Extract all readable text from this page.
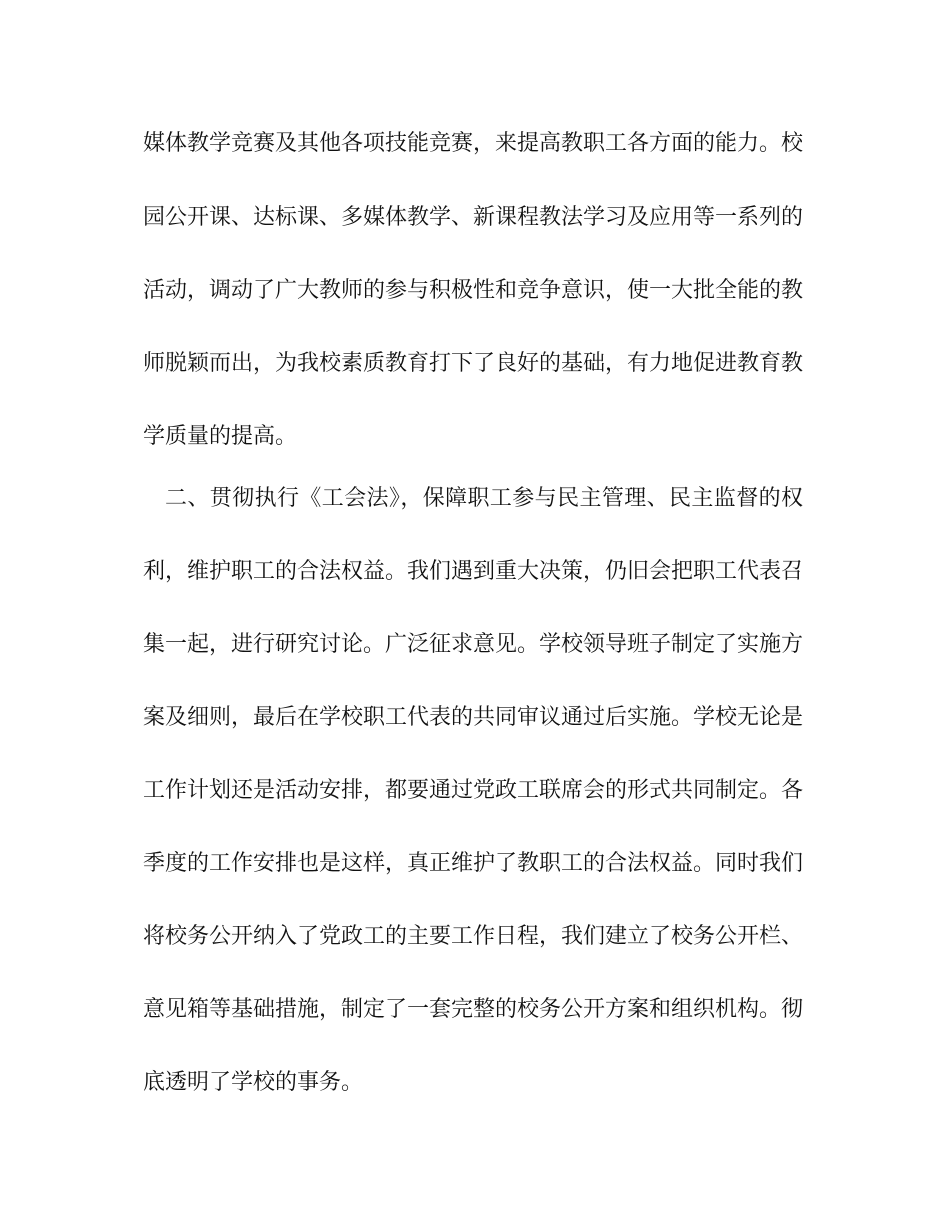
媒体教学竞赛及其他各项技能竞赛，来提高教职工各方面的能力。校
园公开课、达标课、多媒体教学、新课程教法学习及应用等一系列的
活动，调动了广大教师的参与积极性和竞争意识，使一大批全能的教
师脱颖而出，为我校素质教育打下了良好的基础，有力地促进教育教
学质量的提高。
二、贯彻执行《工会法》，保障职工参与民主管理、民主监督的权
利，维护职工的合法权益。我们遇到重大决策，仍旧会把职工代表召
集一起，进行研究讨论。广泛征求意见。学校领导班子制定了实施方
案及细则，最后在学校职工代表的共同审议通过后实施。学校无论是
工作计划还是活动安排，都要通过党政工联席会的形式共同制定。各
季度的工作安排也是这样，真正维护了教职工的合法权益。同时我们
将校务公开纳入了党政工的主要工作日程，我们建立了校务公开栏、
意见箱等基础措施，制定了一套完整的校务公开方案和组织机构。彻
底透明了学校的事务。
